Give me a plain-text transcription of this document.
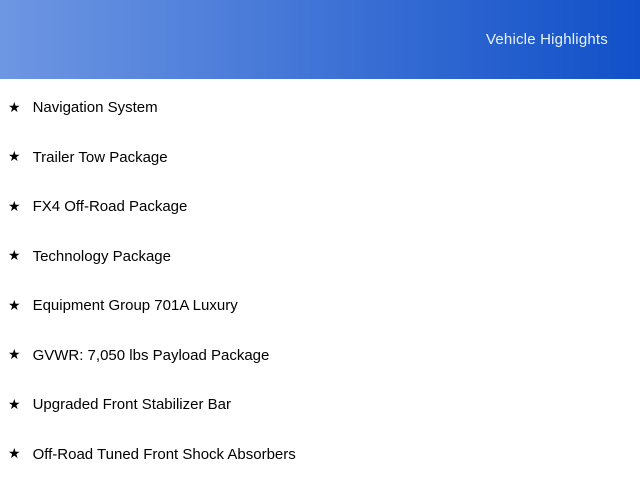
Vehicle Highlights
★ Navigation System
★ Trailer Tow Package
★ FX4 Off-Road Package
★ Technology Package
★ Equipment Group 701A Luxury
★ GVWR: 7,050 lbs Payload Package
★ Upgraded Front Stabilizer Bar
★ Off-Road Tuned Front Shock Absorbers
